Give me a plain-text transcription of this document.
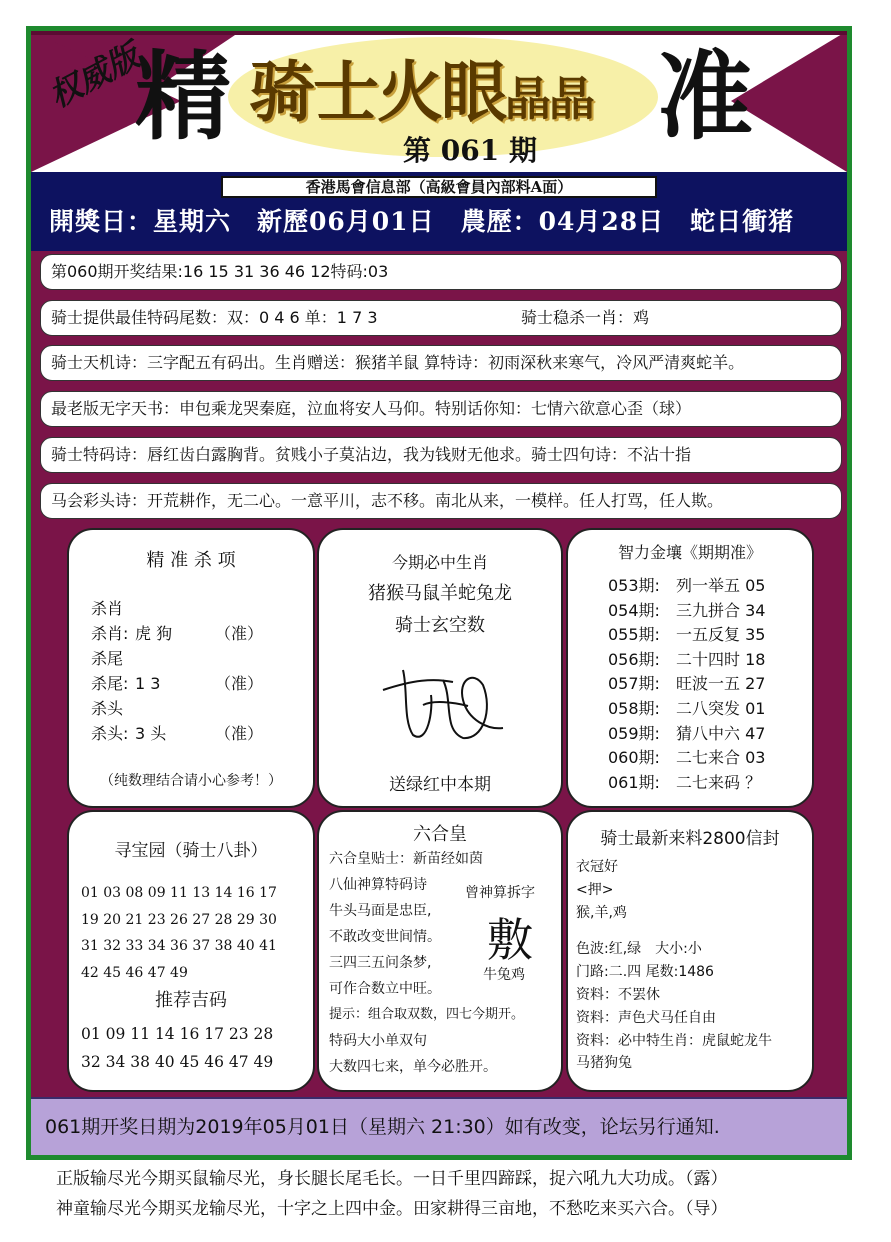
权威版
精 骑士火眼晶晶
第 061 期 准
香港馬會信息部（高級會員內部料A面）
開獎日：星期六　新歷06月01日　農歷：04月28日　蛇日衝猪
第060期开奖结果:16 15 31 36 46 12特码:03
骑士提供最佳特码尾数：双：0 4 6 单：1 7 3	骑士稳杀一肖：鸡
骑士天机诗：三字配五有码出。生肖赠送：猴猪羊鼠 算特诗：初雨深秋来寒气，冷风严清爽蛇羊。
最老版无字天书：申包乘龙哭秦庭，泣血将安人马仰。特别话你知：七情六欲意心歪（球）
骑士特码诗：唇红齿白露胸背。贫贱小子莫沾边，我为钱财无他求。骑士四句诗：不沾十指
马会彩头诗：开荒耕作，无二心。一意平川，志不移。南北从来，一模样。任人打骂，任人欺。
精 准 杀 项
杀肖
杀肖: 虎 狗	（准）
杀尾
杀尾: 1 3	（准）
杀头
杀头: 3 头	（准）
（纯数理结合请小心参考！）
今期必中生肖
猪猴马鼠羊蛇兔龙
骑士玄空数
送绿红中本期
智力金壤《期期准》
053期: 列一举五 05
054期: 三九拼合 34
055期: 一五反复 35
056期: 二十四时 18
057期: 旺波一五 27
058期: 二八突发 01
059期: 猜八中六 47
060期: 二七来合 03
061期: 二七来码 ？
寻宝园（骑士八卦）
01 03 08 09 11 13 14 16 17
19 20 21 23 26 27 28 29 30
31 32 33 34 36 37 38 40 41
42 45 46 47 49
推荐吉码
01 09 11 14 16 17 23 28
32 34 38 40 45 46 47 49
六合皇
六合皇贴士：新苗经如茵
八仙神算特码诗
牛头马面是忠臣,
不敢改变世间情。
三四三五问条梦,
可作合数立中旺。
提示：组合取双数，四七今期开。
特码大小单双句
大数四七来，单今必胜开。
曾神算拆字
敷
牛兔鸡
骑士最新来料2800信封
衣冠好
<押>
猴,羊,鸡
色波:红,绿　大小:小
门路:二.四 尾数:1486
资料：不罢休
资料：声色犬马任自由
资料：必中特生肖：虎鼠蛇龙牛
马猪狗兔
061期开奖日期为2019年05月01日（星期六 21:30）如有改变，论坛另行通知.
正版输尽光今期买鼠输尽光，身长腿长尾毛长。一日千里四蹄踩，捉六吼九大功成。（露）
神童输尽光今期买龙输尽光，十字之上四中金。田家耕得三亩地，不愁吃来买六合。（导）
